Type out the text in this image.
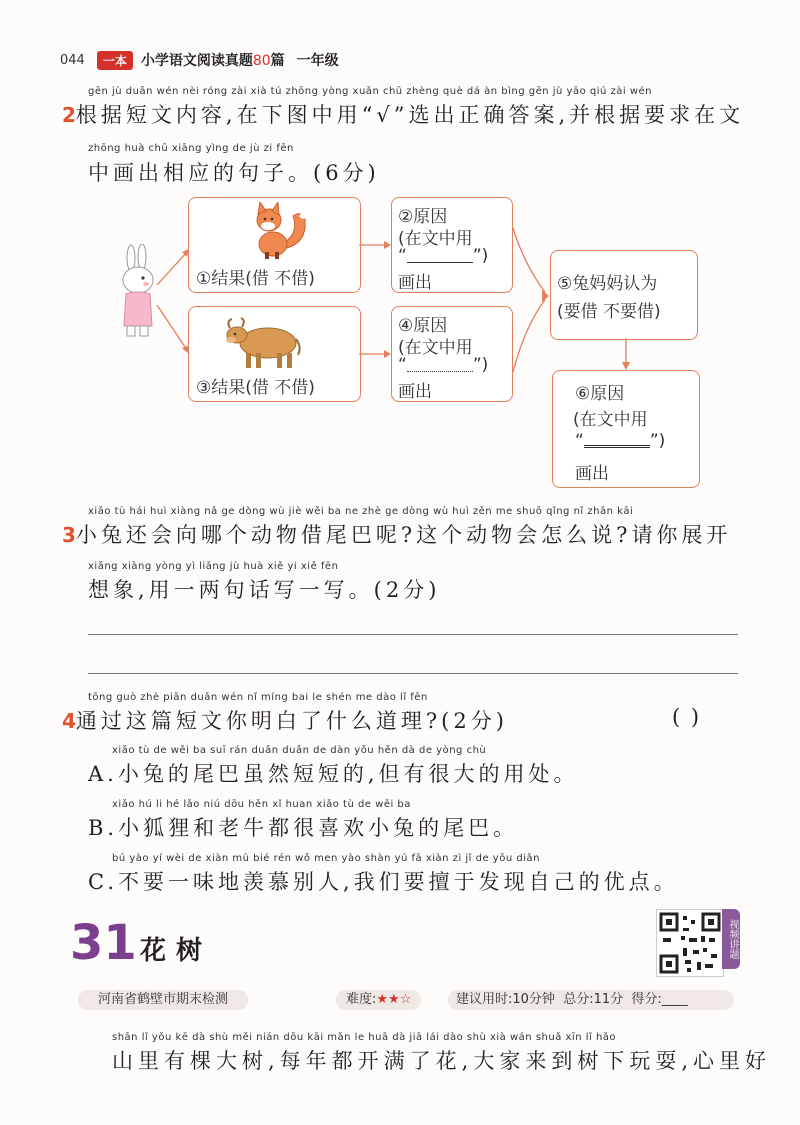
044	一本	小学语文阅读真题80篇 一年级
gēn jù duǎn wén nèi róng zài xià tú zhōng yòng xuǎn chū zhèng què dá àn bìng gēn jù yāo qiú zài wén
2根据短文内容,在下图中用“√”选出正确答案,并根据要求在文
zhōng huà chū xiāng yìng de jù zi fēn
中画出相应的句子。(6分)
①结果(借 不借)
③结果(借 不借)
②原因
(在文中用
“	”)
画出
④原因
(在文中用
“	”)
画出
⑤兔妈妈认为
(要借 不要借)
⑥原因
(在文中用
“	”)
画出
xiǎo tù hái huì xiàng nǎ ge dòng wù jiè wěi ba ne zhè ge dòng wù huì zěn me shuō qǐng nǐ zhǎn kāi
3小兔还会向哪个动物借尾巴呢?这个动物会怎么说?请你展开
xiǎng xiàng yòng yì liǎng jù huà xiě yi xiě fēn
想象,用一两句话写一写。(2分)
tōng guò zhè piān duǎn wén nǐ míng bai le shén me dào lǐ fēn
4通过这篇短文你明白了什么道理?(2分)	( )
xiǎo tù de wěi ba suī rán duǎn duǎn de dàn yǒu hěn dà de yòng chù
A.小兔的尾巴虽然短短的,但有很大的用处。
xiǎo hú li hé lǎo niú dōu hěn xǐ huan xiǎo tù de wěi ba
B.小狐狸和老牛都很喜欢小兔的尾巴。
bú yào yí wèi de xiàn mù bié rén wǒ men yào shàn yú fā xiàn zì jǐ de yōu diǎn
C.不要一味地羡慕别人,我们要擅于发现自己的优点。
31 花树	视频讲题
河南省鹤壁市期末检测	难度:★★☆	建议用时:10分钟 总分:11分 得分:____
shān lǐ yǒu kē dà shù měi nián dōu kāi mǎn le huā dà jiā lái dào shù xià wán shuǎ xīn lǐ hǎo
山里有棵大树,每年都开满了花,大家来到树下玩耍,心里好
